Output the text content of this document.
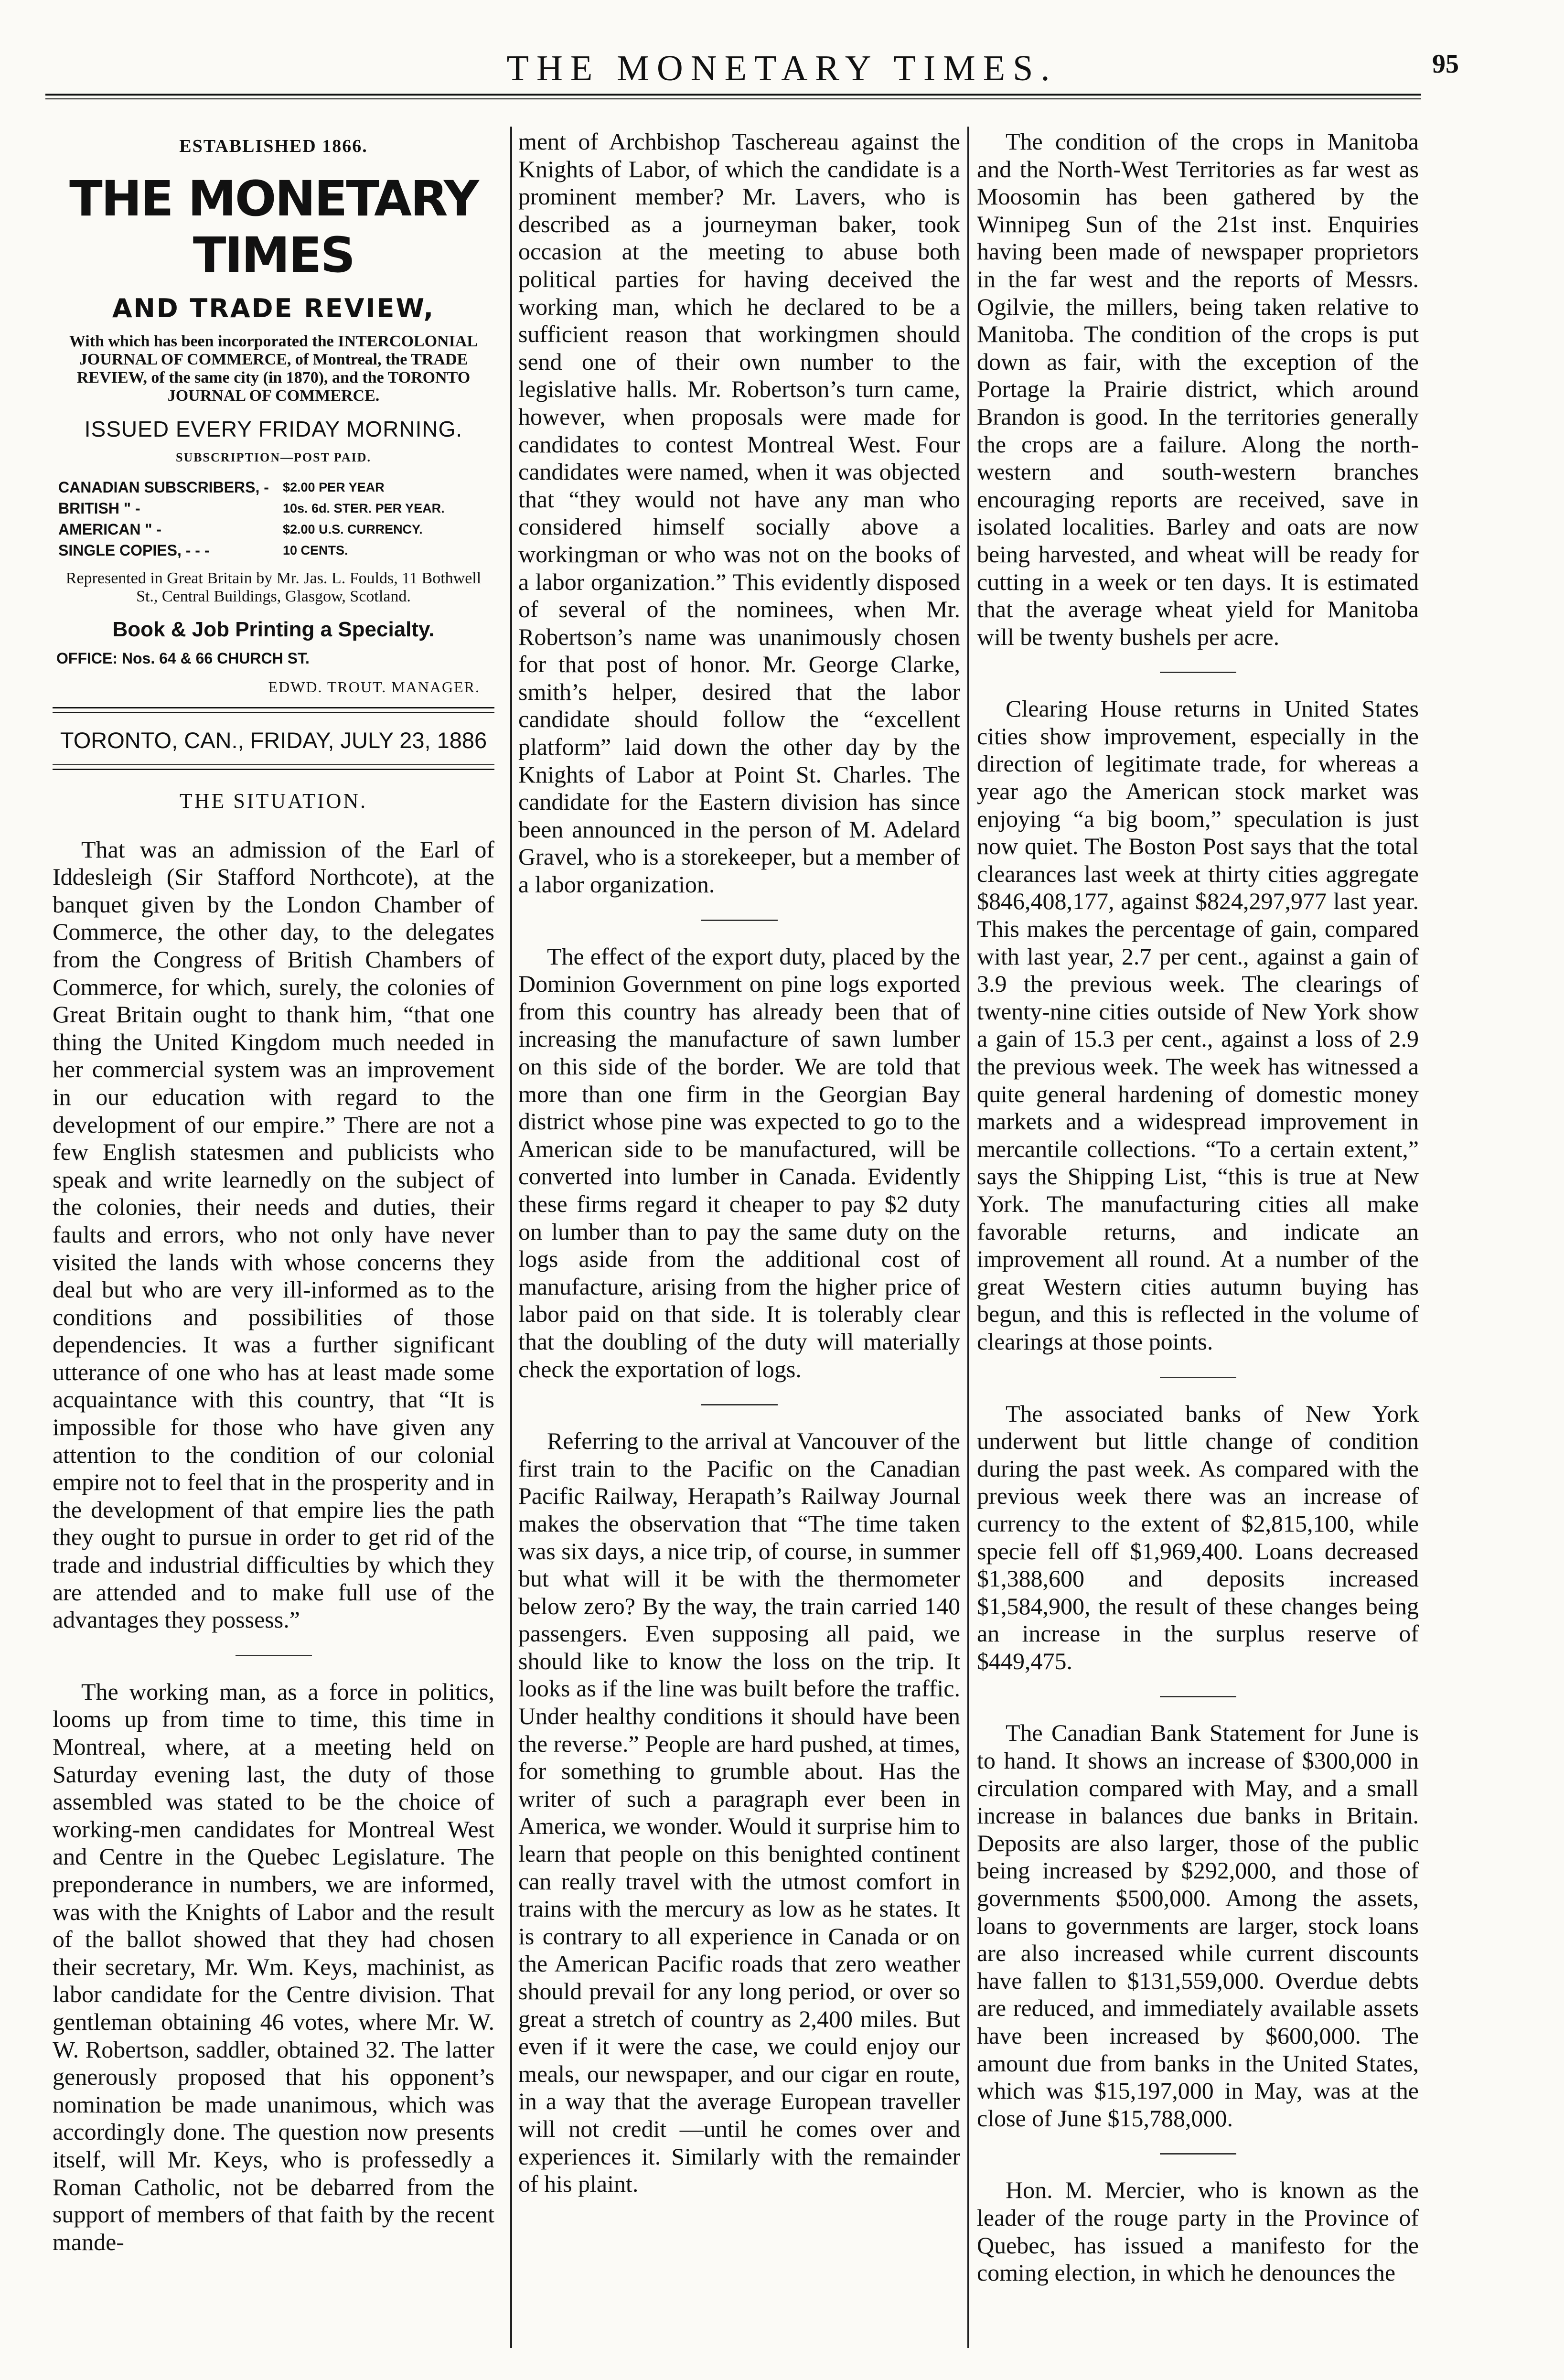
THE MONETARY TIMES.	95
ESTABLISHED 1866.
THE MONETARY TIMES
AND TRADE REVIEW,
With which has been incorporated the INTERCOLONIAL JOURNAL OF COMMERCE, of Montreal, the TRADE REVIEW, of the same city (in 1870), and the TORONTO JOURNAL OF COMMERCE.
ISSUED EVERY FRIDAY MORNING.
SUBSCRIPTION—POST PAID.
CANADIAN SUBSCRIBERS, -	$2.00 PER YEAR
BRITISH " -	10s. 6d. STER. PER YEAR.
AMERICAN " -	$2.00 U.S. CURRENCY.
SINGLE COPIES, - - -	10 CENTS.
Represented in Great Britain by Mr. Jas. L. Foulds, 11 Bothwell St., Central Buildings, Glasgow, Scotland.
Book & Job Printing a Specialty.
OFFICE: Nos. 64 & 66 CHURCH ST.
EDWD. TROUT. MANAGER.
TORONTO, CAN., FRIDAY, JULY 23, 1886
THE SITUATION.

That was an admission of the Earl of Iddesleigh (Sir Stafford Northcote), at the banquet given by the London Chamber of Commerce, the other day, to the delegates from the Congress of British Chambers of Commerce, for which, surely, the colonies of Great Britain ought to thank him, “that one thing the United Kingdom much needed in her commercial system was an improvement in our education with regard to the development of our empire.” There are not a few English statesmen and publicists who speak and write learnedly on the subject of the colonies, their needs and duties, their faults and errors, who not only have never visited the lands with whose concerns they deal but who are very ill-informed as to the conditions and possibilities of those dependencies. It was a further significant utterance of one who has at least made some acquaintance with this country, that “It is impossible for those who have given any attention to the condition of our colonial empire not to feel that in the prosperity and in the development of that empire lies the path they ought to pursue in order to get rid of the trade and industrial difficulties by which they are attended and to make full use of the advantages they possess.”

The working man, as a force in politics, looms up from time to time, this time in Montreal, where, at a meeting held on Saturday evening last, the duty of those assembled was stated to be the choice of working-men candidates for Montreal West and Centre in the Quebec Legislature. The preponderance in numbers, we are informed, was with the Knights of Labor and the result of the ballot showed that they had chosen their secretary, Mr. Wm. Keys, machinist, as labor candidate for the Centre division. That gentleman obtaining 46 votes, where Mr. W. W. Robertson, saddler, obtained 32. The latter generously proposed that his opponent’s nomination be made unanimous, which was accordingly done. The question now presents itself, will Mr. Keys, who is professedly a Roman Catholic, not be debarred from the support of members of that faith by the recent mande-

ment of Archbishop Taschereau against the Knights of Labor, of which the candidate is a prominent member? Mr. Lavers, who is described as a journeyman baker, took occasion at the meeting to abuse both political parties for having deceived the working man, which he declared to be a sufficient reason that workingmen should send one of their own number to the legislative halls. Mr. Robertson’s turn came, however, when proposals were made for candidates to contest Montreal West. Four candidates were named, when it was objected that “they would not have any man who considered himself socially above a workingman or who was not on the books of a labor organization.” This evidently disposed of several of the nominees, when Mr. Robertson’s name was unanimously chosen for that post of honor. Mr. George Clarke, smith’s helper, desired that the labor candidate should follow the “excellent platform” laid down the other day by the Knights of Labor at Point St. Charles. The candidate for the Eastern division has since been announced in the person of M. Adelard Gravel, who is a storekeeper, but a member of a labor organization.

The effect of the export duty, placed by the Dominion Government on pine logs exported from this country has already been that of increasing the manufacture of sawn lumber on this side of the border. We are told that more than one firm in the Georgian Bay district whose pine was expected to go to the American side to be manufactured, will be converted into lumber in Canada. Evidently these firms regard it cheaper to pay $2 duty on lumber than to pay the same duty on the logs aside from the additional cost of manufacture, arising from the higher price of labor paid on that side. It is tolerably clear that the doubling of the duty will materially check the exportation of logs.

Referring to the arrival at Vancouver of the first train to the Pacific on the Canadian Pacific Railway, Herapath’s Railway Journal makes the observation that “The time taken was six days, a nice trip, of course, in summer but what will it be with the thermometer below zero? By the way, the train carried 140 passengers. Even supposing all paid, we should like to know the loss on the trip. It looks as if the line was built before the traffic. Under healthy conditions it should have been the reverse.” People are hard pushed, at times, for something to grumble about. Has the writer of such a paragraph ever been in America, we wonder. Would it surprise him to learn that people on this benighted continent can really travel with the utmost comfort in trains with the mercury as low as he states. It is contrary to all experience in Canada or on the American Pacific roads that zero weather should prevail for any long period, or over so great a stretch of country as 2,400 miles. But even if it were the case, we could enjoy our meals, our newspaper, and our cigar en route, in a way that the average European traveller will not credit —until he comes over and experiences it. Similarly with the remainder of his plaint.

The condition of the crops in Manitoba and the North-West Territories as far west as Moosomin has been gathered by the Winnipeg Sun of the 21st inst. Enquiries having been made of newspaper proprietors in the far west and the reports of Messrs. Ogilvie, the millers, being taken relative to Manitoba. The condition of the crops is put down as fair, with the exception of the Portage la Prairie district, which around Brandon is good. In the territories generally the crops are a failure. Along the north-western and south-western branches encouraging reports are received, save in isolated localities. Barley and oats are now being harvested, and wheat will be ready for cutting in a week or ten days. It is estimated that the average wheat yield for Manitoba will be twenty bushels per acre.

Clearing House returns in United States cities show improvement, especially in the direction of legitimate trade, for whereas a year ago the American stock market was enjoying “a big boom,” speculation is just now quiet. The Boston Post says that the total clearances last week at thirty cities aggregate $846,408,177, against $824,297,977 last year. This makes the percentage of gain, compared with last year, 2.7 per cent., against a gain of 3.9 the previous week. The clearings of twenty-nine cities outside of New York show a gain of 15.3 per cent., against a loss of 2.9 the previous week. The week has witnessed a quite general hardening of domestic money markets and a widespread improvement in mercantile collections. “To a certain extent,” says the Shipping List, “this is true at New York. The manufacturing cities all make favorable returns, and indicate an improvement all round. At a number of the great Western cities autumn buying has begun, and this is reflected in the volume of clearings at those points.

The associated banks of New York underwent but little change of condition during the past week. As compared with the previous week there was an increase of currency to the extent of $2,815,100, while specie fell off $1,969,400. Loans decreased $1,388,600 and deposits increased $1,584,900, the result of these changes being an increase in the surplus reserve of $449,475.

The Canadian Bank Statement for June is to hand. It shows an increase of $300,000 in circulation compared with May, and a small increase in balances due banks in Britain. Deposits are also larger, those of the public being increased by $292,000, and those of governments $500,000. Among the assets, loans to governments are larger, stock loans are also increased while current discounts have fallen to $131,559,000. Overdue debts are reduced, and immediately available assets have been increased by $600,000. The amount due from banks in the United States, which was $15,197,000 in May, was at the close of June $15,788,000.

Hon. M. Mercier, who is known as the leader of the rouge party in the Province of Quebec, has issued a manifesto for the coming election, in which he denounces the
